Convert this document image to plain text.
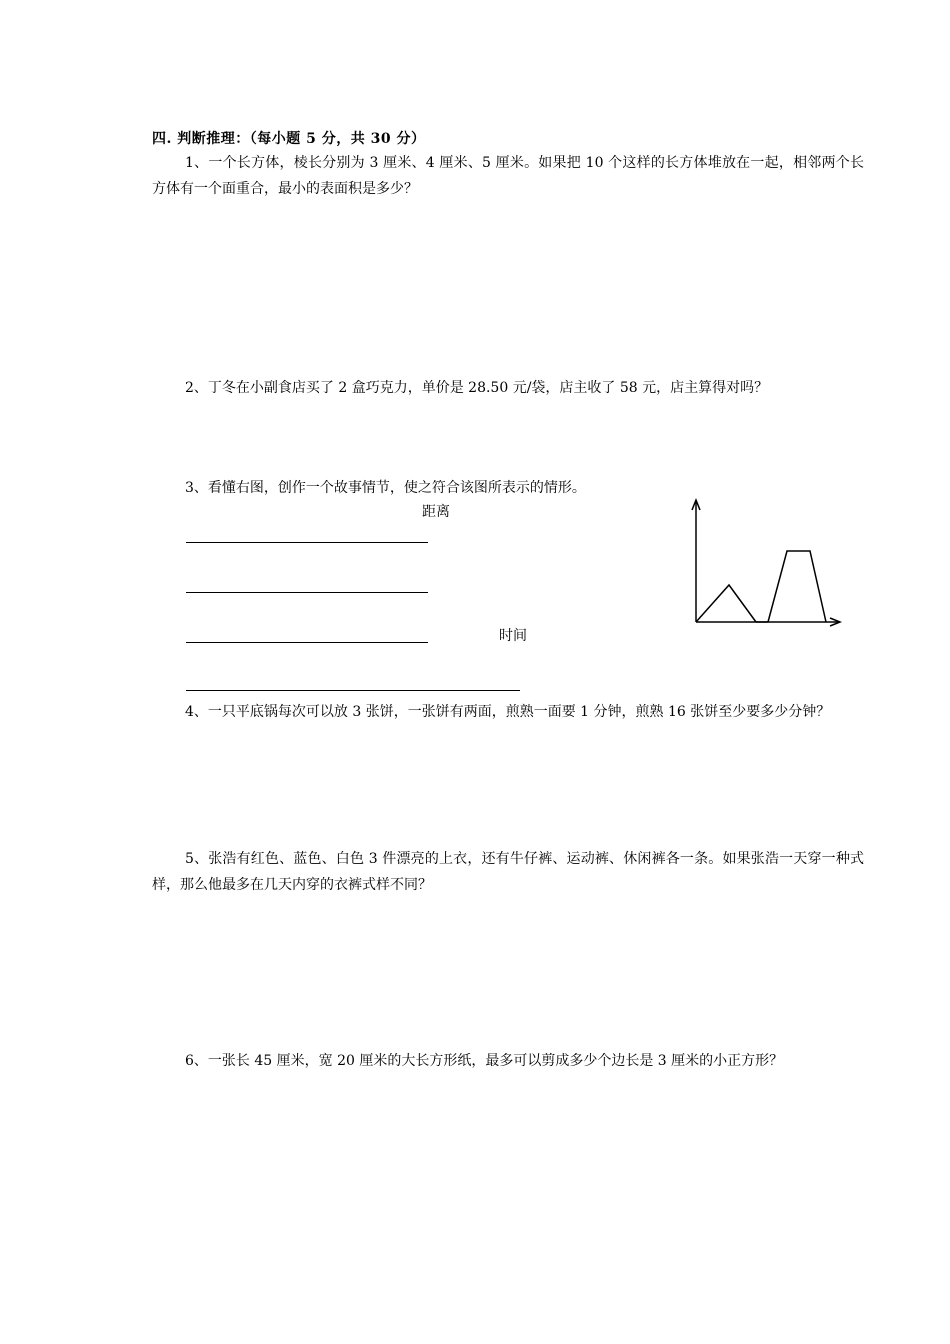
四. 判断推理：（每小题 5 分，共 30 分）
1、一个长方体，棱长分别为 3 厘米、4 厘米、5 厘米。如果把 10 个这样的长方体堆放在一起，相邻两个长方体有一个面重合，最小的表面积是多少？
2、丁冬在小副食店买了 2 盒巧克力，单价是 28.50 元/袋，店主收了 58 元，店主算得对吗？
3、看懂右图，创作一个故事情节，使之符合该图所表示的情形。
距离
时间
4、一只平底锅每次可以放 3 张饼，一张饼有两面，煎熟一面要 1 分钟，煎熟 16 张饼至少要多少分钟？
5、张浩有红色、蓝色、白色 3 件漂亮的上衣，还有牛仔裤、运动裤、休闲裤各一条。如果张浩一天穿一种式样，那么他最多在几天内穿的衣裤式样不同？
6、一张长 45 厘米，宽 20 厘米的大长方形纸，最多可以剪成多少个边长是 3 厘米的小正方形？
